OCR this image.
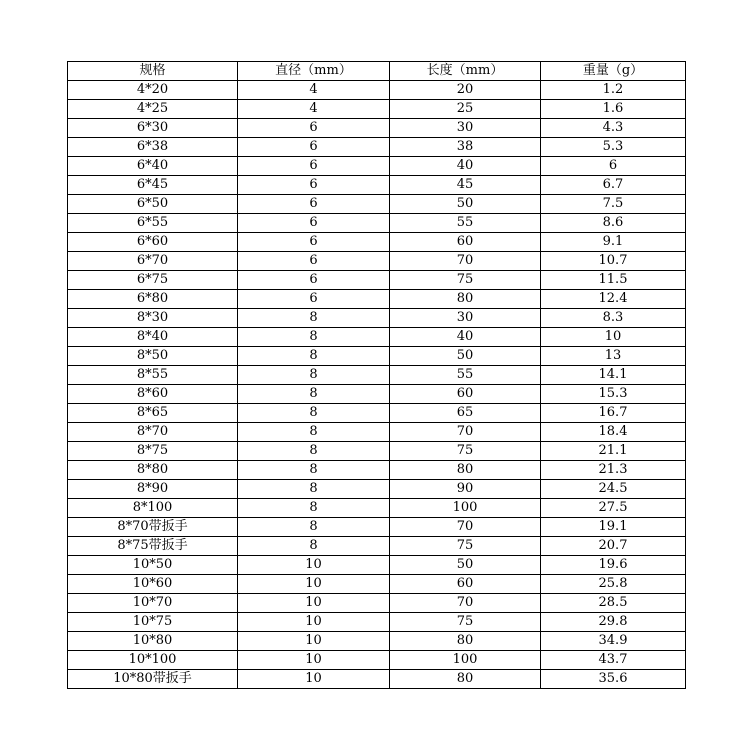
规格	直径（mm）	长度（mm）	重量（g）
4*20	4	20	1.2
4*25	4	25	1.6
6*30	6	30	4.3
6*38	6	38	5.3
6*40	6	40	6
6*45	6	45	6.7
6*50	6	50	7.5
6*55	6	55	8.6
6*60	6	60	9.1
6*70	6	70	10.7
6*75	6	75	11.5
6*80	6	80	12.4
8*30	8	30	8.3
8*40	8	40	10
8*50	8	50	13
8*55	8	55	14.1
8*60	8	60	15.3
8*65	8	65	16.7
8*70	8	70	18.4
8*75	8	75	21.1
8*80	8	80	21.3
8*90	8	90	24.5
8*100	8	100	27.5
8*70带扳手	8	70	19.1
8*75带扳手	8	75	20.7
10*50	10	50	19.6
10*60	10	60	25.8
10*70	10	70	28.5
10*75	10	75	29.8
10*80	10	80	34.9
10*100	10	100	43.7
10*80带扳手	10	80	35.6
